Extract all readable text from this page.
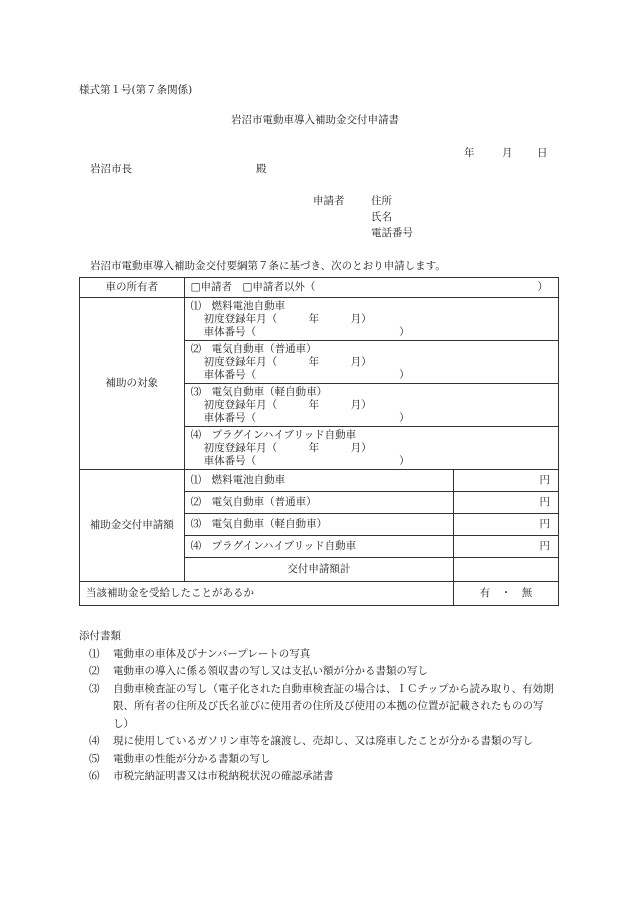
様式第１号(第７条関係)
岩沼市電動車導入補助金交付申請書
年	月 日
岩沼市長	殿
申請者	住所
氏名
電話番号
岩沼市電動車導入補助金交付要綱第７条に基づき、次のとおり申請します。
車の所有者	□申請者　□申請者以外（ ）	

補助の対象	⑴　燃料電池自動車
初度登録年月（　　　年　　　月）
車体番号（ ）	

	⑵　電気自動車（普通車）
初度登録年月（　　　年　　　月）
車体番号（ ）	

	⑶　電気自動車（軽自動車）
初度登録年月（　　　年　　　月）
車体番号（ ）	

	⑷　プラグインハイブリッド自動車
初度登録年月（　　　年　　　月）
車体番号（ ）	

補助金交付申請額	⑴　燃料電池自動車	円
	⑵　電気自動車（普通車）	円
	⑶　電気自動車（軽自動車）	円
	⑷　プラグインハイブリッド自動車	円
	交付申請額計	
当該補助金を受給したことがあるか		有　・　無
添付書類
⑴	電動車の車体及びナンバープレートの写真
⑵	電動車の導入に係る領収書の写し又は支払い額が分かる書類の写し
⑶	自動車検査証の写し（電子化された自動車検査証の場合は、ＩＣチップから読み取り、有効期限、所有者の住所及び氏名並びに使用者の住所及び使用の本拠の位置が記載されたものの写し）
⑷	現に使用しているガソリン車等を譲渡し、売却し、又は廃車したことが分かる書類の写し
⑸	電動車の性能が分かる書類の写し
⑹	市税完納証明書又は市税納税状況の確認承諾書
